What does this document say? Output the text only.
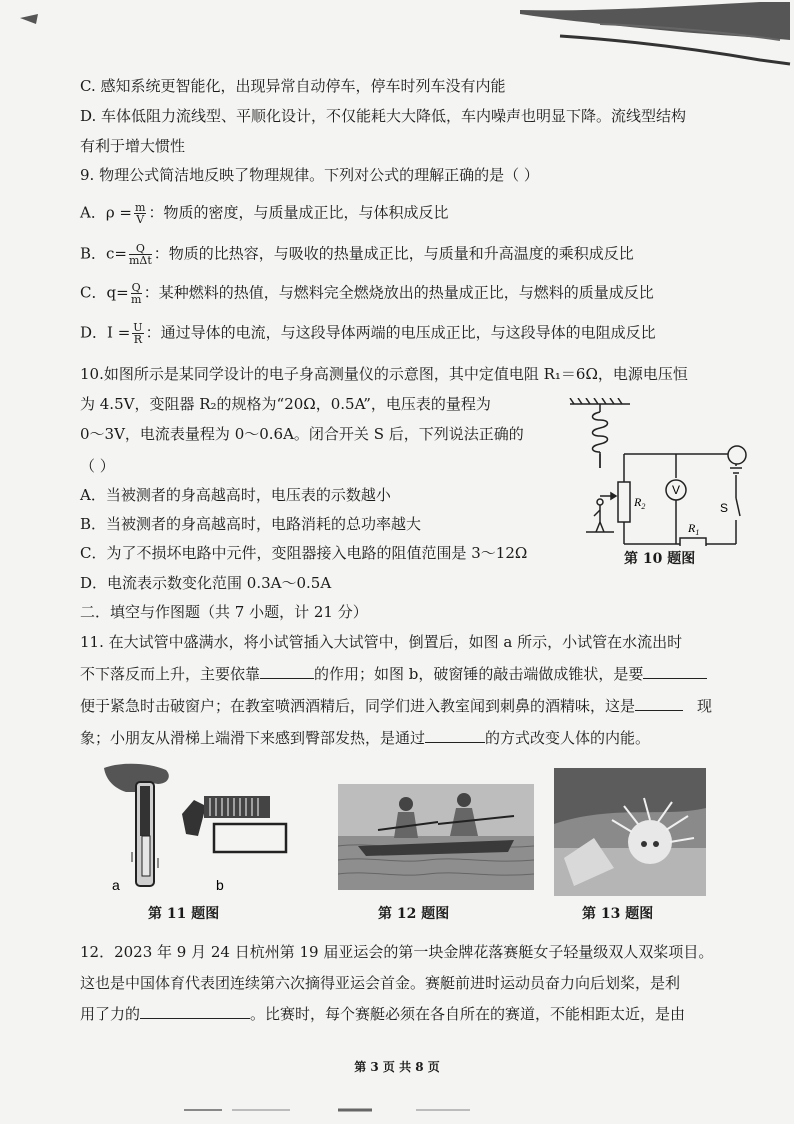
C. 感知系统更智能化，出现异常自动停车，停车时列车没有内能
D. 车体低阻力流线型、平顺化设计，不仅能耗大大降低，车内噪声也明显下降。流线型结构
有利于增大惯性
9. 物理公式简洁地反映了物理规律。下列对公式的理解正确的是（ ）
A．$\rho = \frac{m}{V}$ ：物质的密度，与质量成正比，与体积成反比
B．$c= \frac{Q}{\text{mΔt}}$ ：物质的比热容，与吸收的热量成正比，与质量和升高温度的乘积成反比
C．$q= \frac{Q}{m}$ ：某种燃料的热值，与燃料完全燃烧放出的热量成正比，与燃料的质量成反比
D．$I = \frac{U}{R}$ ：通过导体的电流，与这段导体两端的电压成正比，与这段导体的电阻成反比
10.如图所示是某同学设计的电子身高测量仪的示意图，其中定值电阻 R₁＝6Ω，电源电压恒
为 4.5V，变阻器 R₂的规格为“20Ω，0.5A”，电压表的量程为
0～3V，电流表量程为 0～0.6A。闭合开关 S 后，下列说法正确的
（ ）
A．当被测者的身高越高时，电压表的示数越小
B．当被测者的身高越高时，电路消耗的总功率越大
C．为了不损坏电路中元件，变阻器接入电路的阻值范围是 3～12Ω
D．电流表示数变化范围 0.3A～0.5A
V
$R_2$
$R_1$
S
第 10 题图
二．填空与作图题（共 7 小题，计 21 分）
11. 在大试管中盛满水，将小试管插入大试管中，倒置后，如图 a 所示，小试管在水流出时
不下落反而上升，主要依靠	的作用；如图 b，破窗锤的敲击端做成锥状，是要
便于紧急时击破窗户；在教室喷洒酒精后，同学们进入教室闻到刺鼻的酒精味，这是	现
象；小朋友从滑梯上端滑下来感到臀部发热，是通过	的方式改变人体的内能。
a	b
第 11 题图	第 12 题图	第 13 题图
12．2023 年 9 月 24 日杭州第 19 届亚运会的第一块金牌花落赛艇女子轻量级双人双桨项目。
这也是中国体育代表团连续第六次摘得亚运会首金。赛艇前进时运动员奋力向后划桨，是利
用了力的	。比赛时，每个赛艇必须在各自所在的赛道，不能相距太近，是由
第 3 页 共 8 页
